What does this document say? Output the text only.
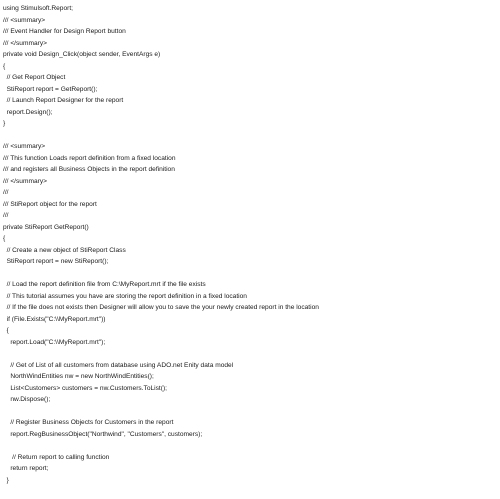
using Stimulsoft.Report;
/// <summary>
/// Event Handler for Design Report button
/// </summary>
private void Design_Click(object sender, EventArgs e)
{
// Get Report Object
StiReport report = GetReport();
// Launch Report Designer for the report
report.Design();
}
/// <summary>
/// This function Loads report definition from a fixed location
/// and registers all Business Objects in the report definition
/// </summary>
///
/// StiReport object for the report
///
private StiReport GetReport()
{
// Create a new object of StiReport Class
StiReport report = new StiReport();
// Load the report definition file from C:\MyReport.mrt if the file exists
// This tutorial assumes you have are storing the report definition in a fixed location
// If the file does not exists then Designer will allow you to save the your newly created report in the location
if (File.Exists("C:\\MyReport.mrt"))
{
report.Load("C:\\MyReport.mrt");
// Get of List of all customers from database using ADO.net Enity data model
NorthWindEntities nw = new NorthWindEntities();
List<Customers> customers = nw.Customers.ToList();
nw.Dispose();
// Register Business Objects for Customers in the report
report.RegBusinessObject("Northwind", "Customers", customers);
// Return report to calling function
return report;
}
